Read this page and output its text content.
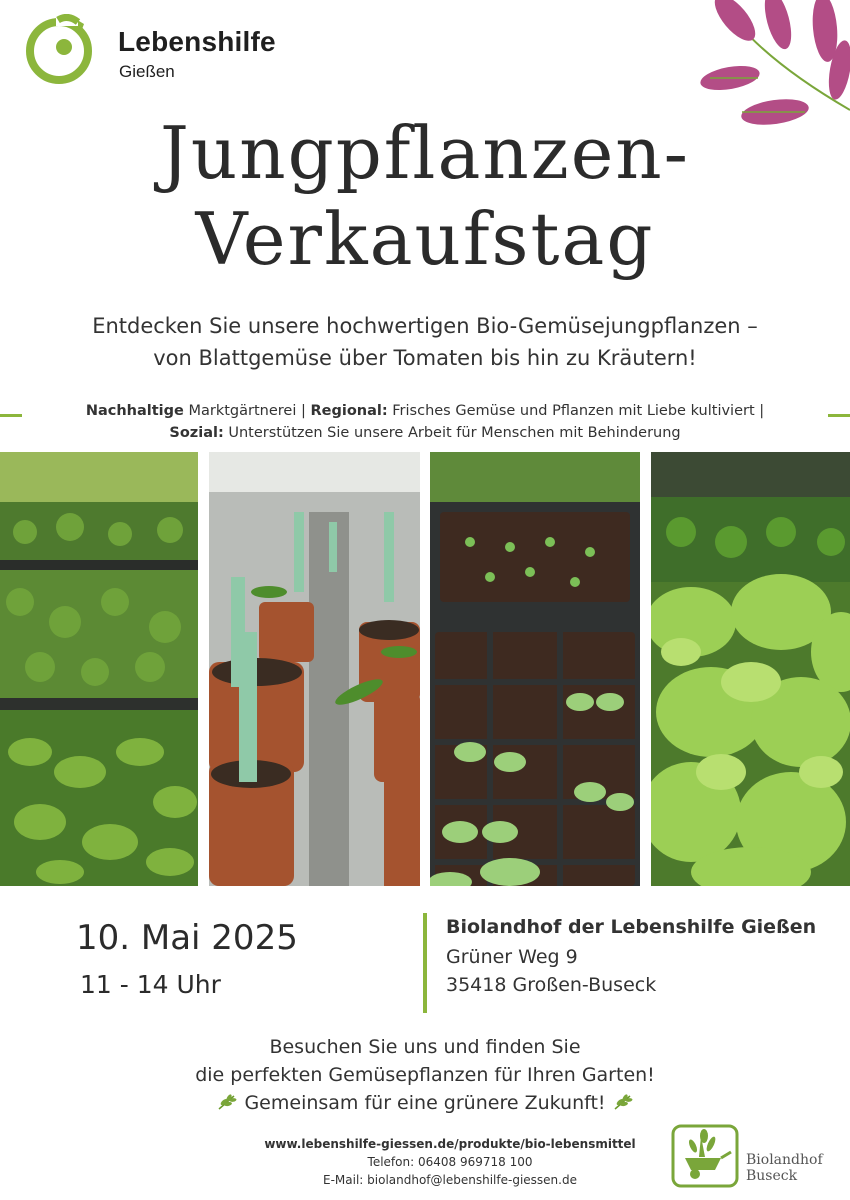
Lebenshilfe
Gießen
Jungpflanzen-
Verkaufstag
Entdecken Sie unsere hochwertigen Bio-Gemüsejungpflanzen –
von Blattgemüse über Tomaten bis hin zu Kräutern!
Nachhaltige Marktgärtnerei | Regional: Frisches Gemüse und Pflanzen mit Liebe kultiviert |
Sozial: Unterstützen Sie unsere Arbeit für Menschen mit Behinderung
10. Mai 2025
11 - 14 Uhr
Biolandhof der Lebenshilfe Gießen
Grüner Weg 9
35418 Großen-Buseck
Besuchen Sie uns und finden Sie
die perfekten Gemüsepflanzen für Ihren Garten!
Gemeinsam für eine grünere Zukunft!
www.lebenshilfe-giessen.de/produkte/bio-lebensmittel
Telefon: 06408 969718 100
E-Mail: biolandhof@lebenshilfe-giessen.de
Biolandhof
Buseck
